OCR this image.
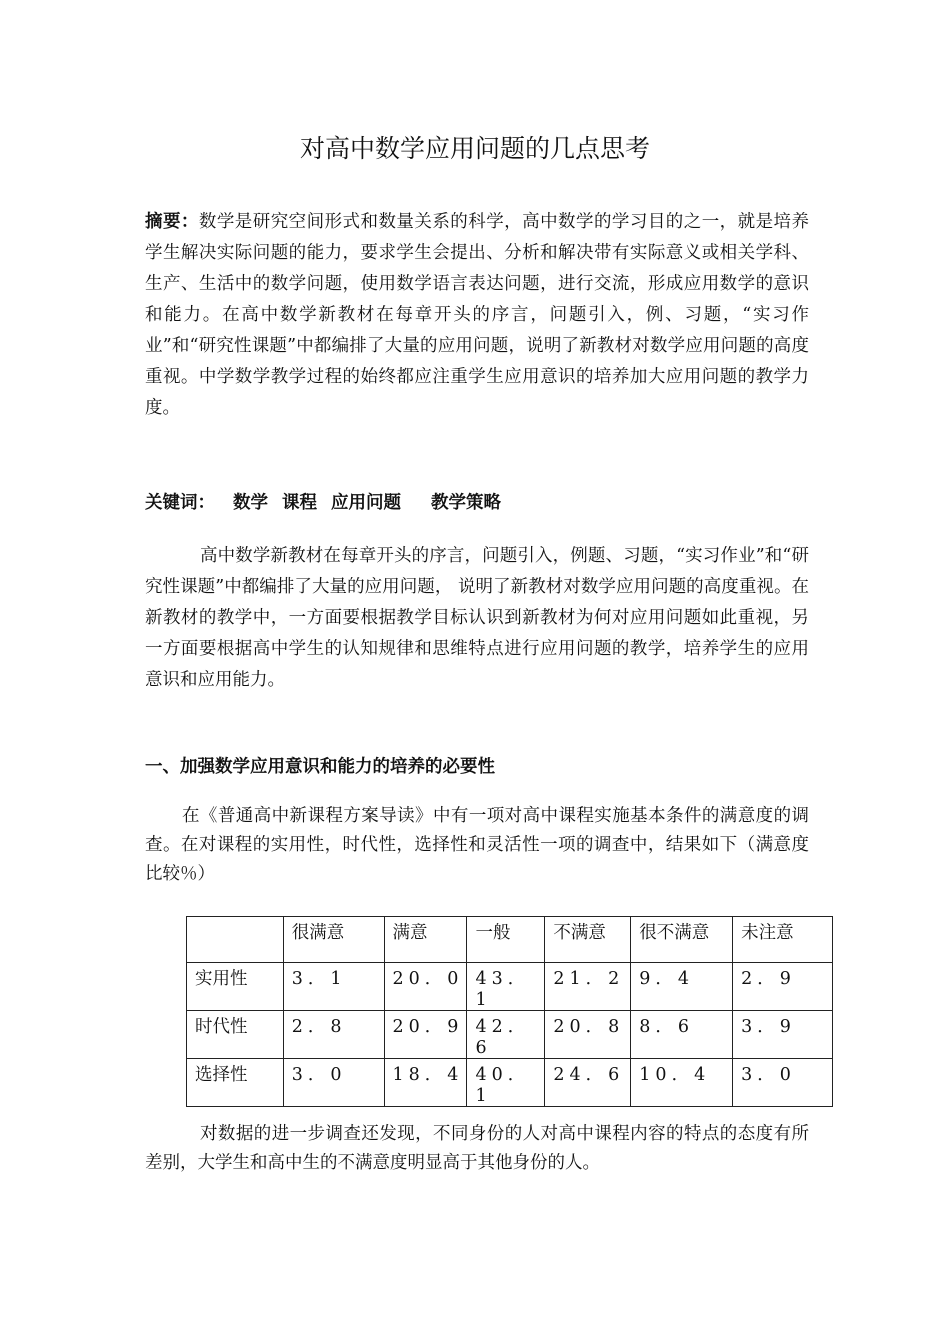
对高中数学应用问题的几点思考

摘要：数学是研究空间形式和数量关系的科学，高中数学的学习目的之一，就是培养学生解决实际问题的能力，要求学生会提出、分析和解决带有实际意义或相关学科、生产、生活中的数学问题，使用数学语言表达问题，进行交流，形成应用数学的意识和能力。在高中数学新教材在每章开头的序言，问题引入，例、习题，“实习作业”和“研究性课题”中都编排了大量的应用问题，说明了新教材对数学应用问题的高度重视。中学数学教学过程的始终都应注重学生应用意识的培养加大应用问题的教学力度。

关键词： 数学 课程 应用问题 教学策略

高中数学新教材在每章开头的序言，问题引入，例题、习题，“实习作业”和“研究性课题”中都编排了大量的应用问题， 说明了新教材对数学应用问题的高度重视。在新教材的教学中，一方面要根据教学目标认识到新教材为何对应用问题如此重视，另一方面要根据高中学生的认知规律和思维特点进行应用问题的教学，培养学生的应用意识和应用能力。

一、加强数学应用意识和能力的培养的必要性

在《普通高中新课程方案导读》中有一项对高中课程实施基本条件的满意度的调查。在对课程的实用性，时代性，选择性和灵活性一项的调查中，结果如下（满意度比较％）

	很满意	满意	一般	不满意	很不满意	未注意
实用性	3．1	20．0	43．1	21．2	9．4	2．9
时代性	2．8	20．9	42．6	20．8	8．6	3．9
选择性	3．0	18．4	40．1	24．6	10．4	3．0

对数据的进一步调查还发现，不同身份的人对高中课程内容的特点的态度有所差别，大学生和高中生的不满意度明显高于其他身份的人。
